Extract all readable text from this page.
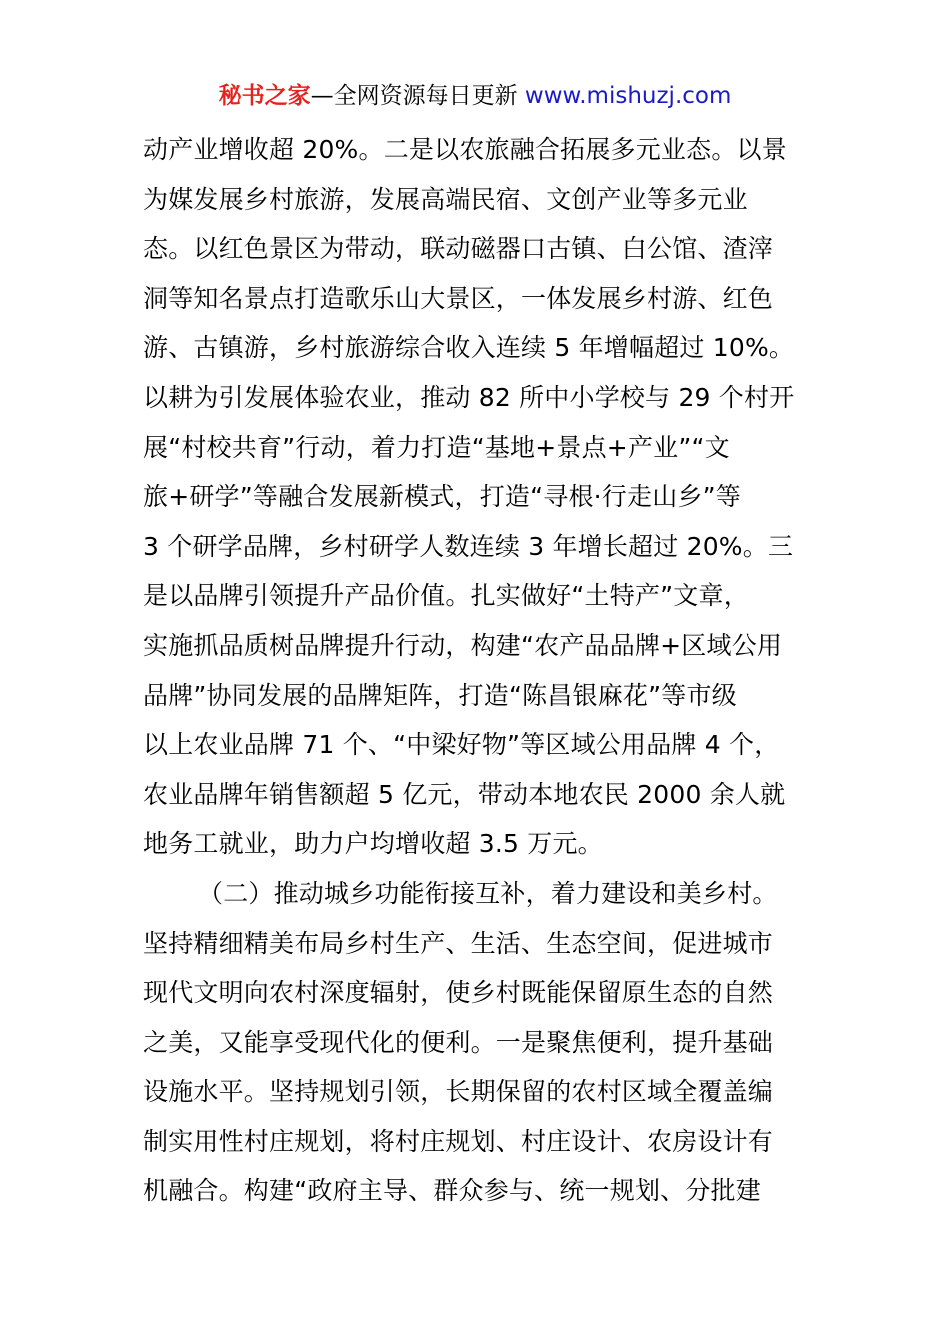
秘书之家—全网资源每日更新 www.mishuzj.com
动产业增收超 20%。二是以农旅融合拓展多元业态。以景
为媒发展乡村旅游，发展高端民宿、文创产业等多元业
态。以红色景区为带动，联动磁器口古镇、白公馆、渣滓
洞等知名景点打造歌乐山大景区，一体发展乡村游、红色
游、古镇游，乡村旅游综合收入连续 5 年增幅超过 10%。
以耕为引发展体验农业，推动 82 所中小学校与 29 个村开
展“村校共育”行动，着力打造“基地+景点+产业”“文
旅+研学”等融合发展新模式，打造“寻根·行走山乡”等
3 个研学品牌，乡村研学人数连续 3 年增长超过 20%。三
是以品牌引领提升产品价值。扎实做好“土特产”文章，
实施抓品质树品牌提升行动，构建“农产品品牌+区域公用
品牌”协同发展的品牌矩阵，打造“陈昌银麻花”等市级
以上农业品牌 71 个、“中梁好物”等区域公用品牌 4 个，
农业品牌年销售额超 5 亿元，带动本地农民 2000 余人就
地务工就业，助力户均增收超 3.5 万元。
（二）推动城乡功能衔接互补，着力建设和美乡村。
坚持精细精美布局乡村生产、生活、生态空间，促进城市
现代文明向农村深度辐射，使乡村既能保留原生态的自然
之美，又能享受现代化的便利。一是聚焦便利，提升基础
设施水平。坚持规划引领，长期保留的农村区域全覆盖编
制实用性村庄规划，将村庄规划、村庄设计、农房设计有
机融合。构建“政府主导、群众参与、统一规划、分批建
